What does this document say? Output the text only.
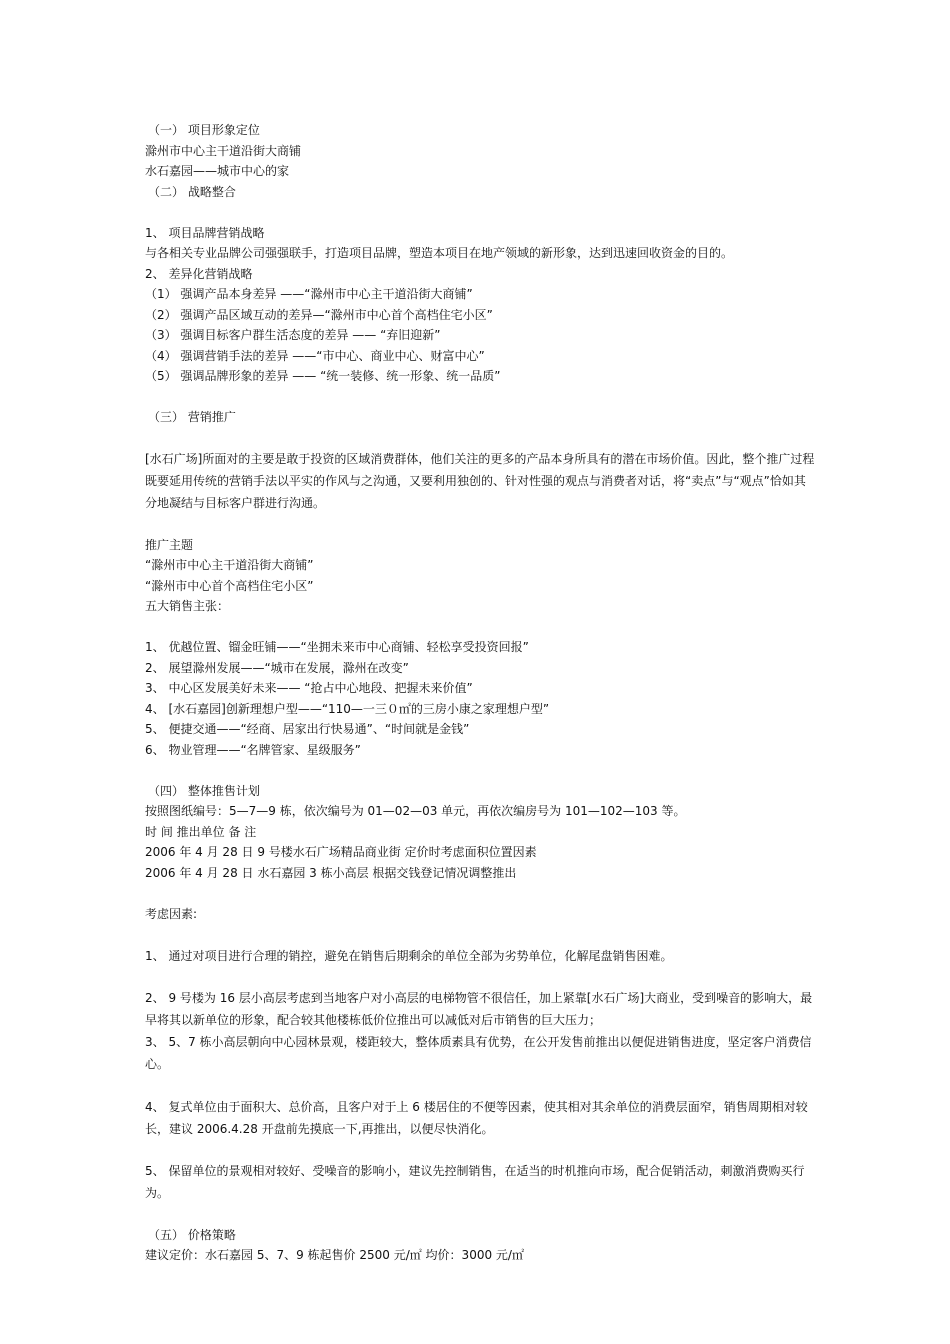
（一） 项目形象定位
滁州市中心主干道沿街大商铺
水石嘉园——城市中心的家
（二） 战略整合
1、 项目品牌营销战略
与各相关专业品牌公司强强联手，打造项目品牌，塑造本项目在地产领域的新形象，达到迅速回收资金的目的。
2、 差异化营销战略
（1） 强调产品本身差异 ——“滁州市中心主干道沿街大商铺”
（2） 强调产品区域互动的差异—“滁州市中心首个高档住宅小区”
（3） 强调目标客户群生活态度的差异 —— “弃旧迎新”
（4） 强调营销手法的差异 ——“市中心、商业中心、财富中心”
（5） 强调品牌形象的差异 —— “统一装修、统一形象、统一品质”
（三） 营销推广
[水石广场]所面对的主要是敢于投资的区域消费群体，他们关注的更多的产品本身所具有的潜在市场价值。因此，整个推广过程既要延用传统的营销手法以平实的作风与之沟通，又要利用独创的、针对性强的观点与消费者对话，将“卖点”与“观点”恰如其分地凝结与目标客户群进行沟通。
推广主题
“滁州市中心主干道沿街大商铺”
“滁州市中心首个高档住宅小区”
五大销售主张：
1、 优越位置、镏金旺铺——“坐拥未来市中心商铺、轻松享受投资回报”
2、 展望滁州发展——“城市在发展，滁州在改变”
3、 中心区发展美好未来—— “抢占中心地段、把握未来价值”
4、 [水石嘉园]创新理想户型——“110—一三０㎡的三房小康之家理想户型”
5、 便捷交通——“经商、居家出行快易通”、“时间就是金钱”
6、 物业管理——“名牌管家、星级服务”
（四） 整体推售计划
按照图纸编号：5—7—9 栋，依次编号为 01—02—03 单元，再依次编房号为 101—102—103 等。
时 间 推出单位 备 注
2006 年 4 月 28 日 9 号楼水石广场精品商业街 定价时考虑面积位置因素
2006 年 4 月 28 日 水石嘉园 3 栋小高层 根据交钱登记情况调整推出
考虑因素:
1、 通过对项目进行合理的销控，避免在销售后期剩余的单位全部为劣势单位，化解尾盘销售困难。
2、 9 号楼为 16 层小高层考虑到当地客户对小高层的电梯物管不很信任，加上紧靠[水石广场]大商业，受到噪音的影响大，最早将其以新单位的形象，配合较其他楼栋低价位推出可以减低对后市销售的巨大压力；
3、 5、7 栋小高层朝向中心园林景观，楼距较大，整体质素具有优势，在公开发售前推出以便促进销售进度，坚定客户消费信心。
4、 复式单位由于面积大、总价高，且客户对于上 6 楼居住的不便等因素，使其相对其余单位的消费层面窄，销售周期相对较长，建议 2006.4.28 开盘前先摸底一下,再推出，以便尽快消化。
5、 保留单位的景观相对较好、受噪音的影响小，建议先控制销售，在适当的时机推向市场，配合促销活动，刺激消费购买行为。
（五） 价格策略
建议定价：水石嘉园 5、7、9 栋起售价 2500 元/㎡ 均价：3000 元/㎡
